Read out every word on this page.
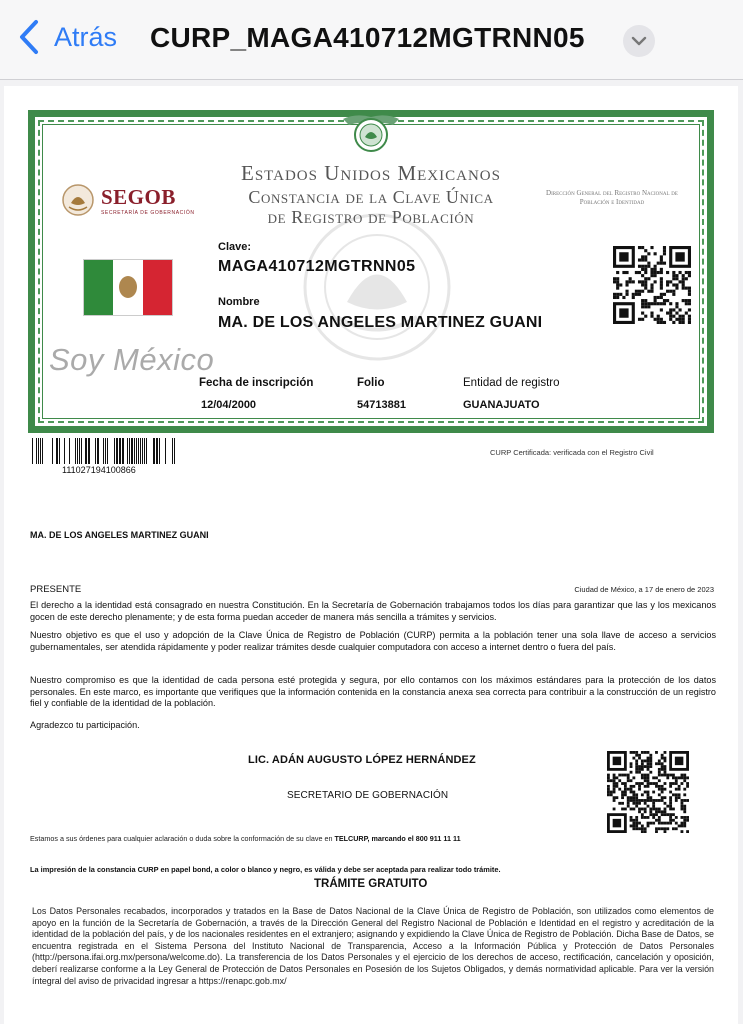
Atrás CURP_MAGA410712MGTRNN05
Estados Unidos Mexicanos
Constancia de la Clave Única
de Registro de Población
SEGOB
SECRETARÍA DE GOBERNACIÓN
Dirección General del Registro Nacional de Población e Identidad
Soy México
Clave:
MAGA410712MGTRNN05
Nombre
MA. DE LOS ANGELES MARTINEZ GUANI
Fecha de inscripción
12/04/2000
Folio
54713881
Entidad de registro
GUANAJUATO
111027194100866
CURP Certificada: verificada con el Registro Civil
MA. DE LOS ANGELES MARTINEZ GUANI
PRESENTE	Ciudad de México, a 17 de enero de 2023
El derecho a la identidad está consagrado en nuestra Constitución. En la Secretaría de Gobernación trabajamos todos los días para garantizar que las y los mexicanos gocen de este derecho plenamente; y de esta forma puedan acceder de manera más sencilla a trámites y servicios.
Nuestro objetivo es que el uso y adopción de la Clave Única de Registro de Población (CURP) permita a la población tener una sola llave de acceso a servicios gubernamentales, ser atendida rápidamente y poder realizar trámites desde cualquier computadora con acceso a internet dentro o fuera del país.
Nuestro compromiso es que la identidad de cada persona esté protegida y segura, por ello contamos con los máximos estándares para la protección de los datos personales. En este marco, es importante que verifiques que la información contenida en la constancia anexa sea correcta para contribuir a la construcción de un registro fiel y confiable de la identidad de la población.
Agradezco tu participación.
LIC. ADÁN AUGUSTO LÓPEZ HERNÁNDEZ
SECRETARIO DE GOBERNACIÓN
Estamos a sus órdenes para cualquier aclaración o duda sobre la conformación de su clave en TELCURP, marcando el 800 911 11 11
La impresión de la constancia CURP en papel bond, a color o blanco y negro, es válida y debe ser aceptada para realizar todo trámite.
TRÁMITE GRATUITO
Los Datos Personales recabados, incorporados y tratados en la Base de Datos Nacional de la Clave Única de Registro de Población, son utilizados como elementos de apoyo en la función de la Secretaría de Gobernación, a través de la Dirección General del Registro Nacional de Población e Identidad en el registro y acreditación de la identidad de la población del país, y de los nacionales residentes en el extranjero; asignando y expidiendo la Clave Única de Registro de Población. Dicha Base de Datos, se encuentra registrada en el Sistema Persona del Instituto Nacional de Transparencia, Acceso a la Información Pública y Protección de Datos Personales (http://persona.ifai.org.mx/persona/welcome.do). La transferencia de los Datos Personales y el ejercicio de los derechos de acceso, rectificación, cancelación y oposición, deberí realizarse conforme a la Ley General de Protección de Datos Personales en Posesión de los Sujetos Obligados, y demás normatividad aplicable. Para ver la versión íntegral del aviso de privacidad ingresar a https://renapc.gob.mx/
